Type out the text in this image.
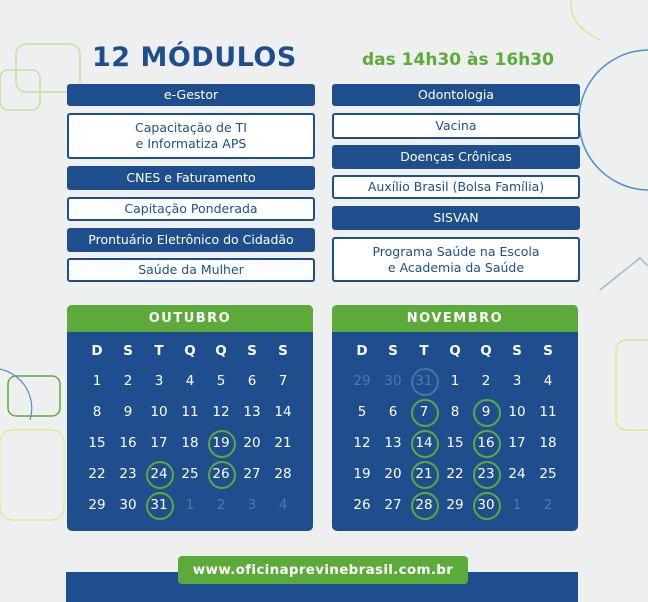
12 MÓDULOS	das 14h30 às 16h30
e-Gestor
Capacitação de TI
e Informatiza APS
CNES e Faturamento
Capitação Ponderada
Prontuário Eletrônico do Cidadão
Saúde da Mulher
Odontologia
Vacina
Doenças Crônicas
Auxílio Brasil (Bolsa Família)
SISVAN
Programa Saúde na Escola
e Academia da Saúde
OUTUBRO
D	S	T	Q	Q	S	S
1 2 3 4 5 6 7
8 9 10 11 12 13 14
15 16 17 18 19 20 21
22 23 24 25 26 27 28
29 30 31 1 2 3 4
NOVEMBRO
D	S	T	Q	Q	S	S
29 30 31 1 2 3 4
5 6 7 8 9 10 11
12 13 14 15 16 17 18
19 20 21 22 23 24 25
26 27 28 29 30 1 2
www.oficinaprevinebrasil.com.br
